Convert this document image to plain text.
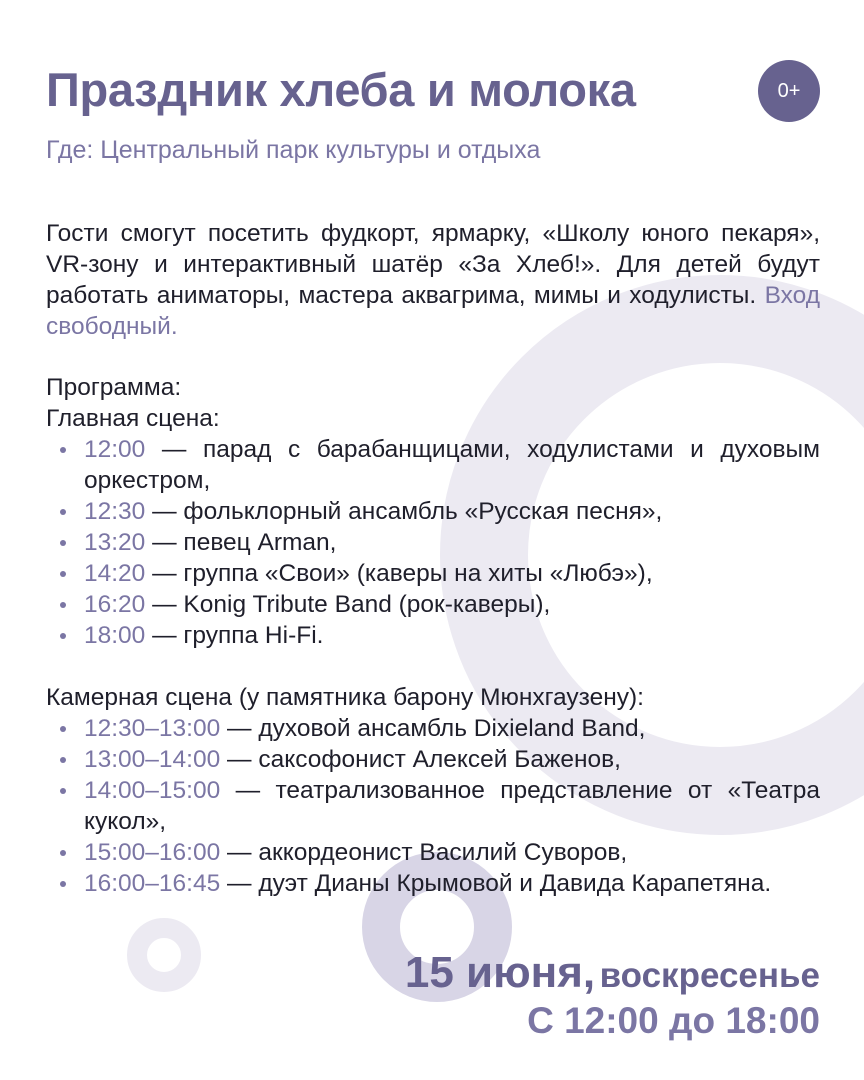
Праздник хлеба и молока	0+
Где: Центральный парк культуры и отдыха

Гости смогут посетить фудкорт, ярмарку, «Школу юного пекаря», VR-зону и интерактивный шатёр «За Хлеб!». Для детей будут работать аниматоры, мастера аквагрима, мимы и ходулисты. Вход свободный.

Программа:
Главная сцена:
12:00 — парад с барабанщицами, ходулистами и духовым оркестром,
12:30 — фольклорный ансамбль «Русская песня»,
13:20 — певец Arman,
14:20 — группа «Свои» (каверы на хиты «Любэ»),
16:20 — Konig Tribute Band (рок-каверы),
18:00 — группа Hi-Fi.
Камерная сцена (у памятника барону Мюнхгаузену):
12:30–13:00 — духовой ансамбль Dixieland Band,
13:00–14:00 — саксофонист Алексей Баженов,
14:00–15:00 — театрализованное представление от «Театра кукол»,
15:00–16:00 — аккордеонист Василий Суворов,
16:00–16:45 — дуэт Дианы Крымовой и Давида Карапетяна.
15 июня, воскресенье
С 12:00 до 18:00
